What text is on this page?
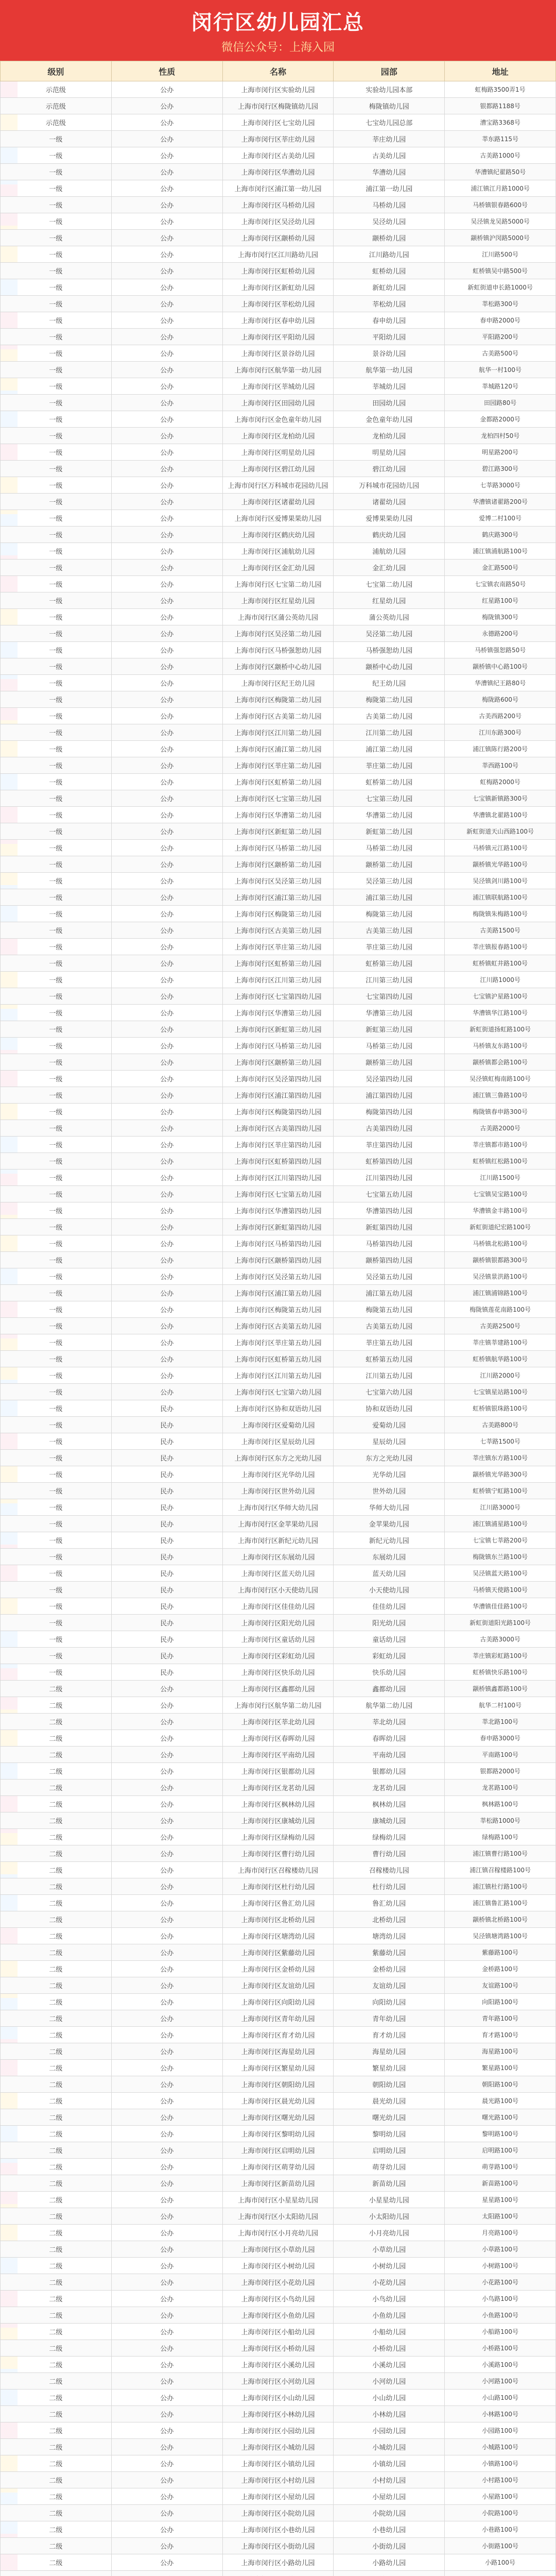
闵行区幼儿园汇总
微信公众号：上海入园
级别	性质	名称	园部	地址
示范级	公办	上海市闵行区实验幼儿园	实验幼儿园本部	虹梅路3500弄1号
示范级	公办	上海市闵行区梅陇镇幼儿园	梅陇镇幼儿园	银都路1188号
示范级	公办	上海市闵行区七宝幼儿园	七宝幼儿园总部	漕宝路3368号
一级	公办	上海市闵行区莘庄幼儿园	莘庄幼儿园	莘东路115号
一级	公办	上海市闵行区古美幼儿园	古美幼儿园	古美路1000号
一级	公办	上海市闵行区华漕幼儿园	华漕幼儿园	华漕镇纪翟路50号
一级	公办	上海市闵行区浦江第一幼儿园	浦江第一幼儿园	浦江镇江月路1000号
一级	公办	上海市闵行区马桥幼儿园	马桥幼儿园	马桥镇银春路600号
一级	公办	上海市闵行区吴泾幼儿园	吴泾幼儿园	吴泾镇龙吴路5000号
一级	公办	上海市闵行区颛桥幼儿园	颛桥幼儿园	颛桥镇沪闵路5000号
一级	公办	上海市闵行区江川路幼儿园	江川路幼儿园	江川路500号
一级	公办	上海市闵行区虹桥幼儿园	虹桥幼儿园	虹桥镇吴中路500号
一级	公办	上海市闵行区新虹幼儿园	新虹幼儿园	新虹街道申长路1000号
一级	公办	上海市闵行区莘松幼儿园	莘松幼儿园	莘松路300号
一级	公办	上海市闵行区春申幼儿园	春申幼儿园	春申路2000号
一级	公办	上海市闵行区平阳幼儿园	平阳幼儿园	平阳路200号
一级	公办	上海市闵行区景谷幼儿园	景谷幼儿园	古美路500号
一级	公办	上海市闵行区航华第一幼儿园	航华第一幼儿园	航华一村100号
一级	公办	上海市闵行区莘城幼儿园	莘城幼儿园	莘城路120号
一级	公办	上海市闵行区田园幼儿园	田园幼儿园	田园路80号
一级	公办	上海市闵行区金色童年幼儿园	金色童年幼儿园	金都路2000号
一级	公办	上海市闵行区龙柏幼儿园	龙柏幼儿园	龙柏四村50号
一级	公办	上海市闵行区明星幼儿园	明星幼儿园	明星路200号
一级	公办	上海市闵行区碧江幼儿园	碧江幼儿园	碧江路300号
一级	公办	上海市闵行区万科城市花园幼儿园	万科城市花园幼儿园	七莘路3000号
一级	公办	上海市闵行区诸翟幼儿园	诸翟幼儿园	华漕镇诸翟路200号
一级	公办	上海市闵行区爱博果果幼儿园	爱博果果幼儿园	爱博二村100号
一级	公办	上海市闵行区鹤庆幼儿园	鹤庆幼儿园	鹤庆路300号
一级	公办	上海市闵行区浦航幼儿园	浦航幼儿园	浦江镇浦航路100号
一级	公办	上海市闵行区金汇幼儿园	金汇幼儿园	金汇路500号
一级	公办	上海市闵行区七宝第二幼儿园	七宝第二幼儿园	七宝镇农南路50号
一级	公办	上海市闵行区红星幼儿园	红星幼儿园	红星路100号
一级	公办	上海市闵行区蒲公英幼儿园	蒲公英幼儿园	梅陇镇300号
一级	公办	上海市闵行区吴泾第二幼儿园	吴泾第二幼儿园	永德路200号
一级	公办	上海市闵行区马桥强恕幼儿园	马桥强恕幼儿园	马桥镇强恕路50号
一级	公办	上海市闵行区颛桥中心幼儿园	颛桥中心幼儿园	颛桥镇中心路100号
一级	公办	上海市闵行区纪王幼儿园	纪王幼儿园	华漕镇纪王路80号
一级	公办	上海市闵行区梅陇第二幼儿园	梅陇第二幼儿园	梅陇路600号
一级	公办	上海市闵行区古美第二幼儿园	古美第二幼儿园	古美西路200号
一级	公办	上海市闵行区江川第二幼儿园	江川第二幼儿园	江川东路300号
一级	公办	上海市闵行区浦江第二幼儿园	浦江第二幼儿园	浦江镇陈行路200号
一级	公办	上海市闵行区莘庄第二幼儿园	莘庄第二幼儿园	莘西路100号
一级	公办	上海市闵行区虹桥第二幼儿园	虹桥第二幼儿园	虹梅路2000号
一级	公办	上海市闵行区七宝第三幼儿园	七宝第三幼儿园	七宝镇新镇路300号
一级	公办	上海市闵行区华漕第二幼儿园	华漕第二幼儿园	华漕镇北翟路100号
一级	公办	上海市闵行区新虹第二幼儿园	新虹第二幼儿园	新虹街道天山西路100号
一级	公办	上海市闵行区马桥第二幼儿园	马桥第二幼儿园	马桥镇元江路100号
一级	公办	上海市闵行区颛桥第二幼儿园	颛桥第二幼儿园	颛桥镇光华路100号
一级	公办	上海市闵行区吴泾第三幼儿园	吴泾第三幼儿园	吴泾镇剑川路100号
一级	公办	上海市闵行区浦江第三幼儿园	浦江第三幼儿园	浦江镇联航路100号
一级	公办	上海市闵行区梅陇第三幼儿园	梅陇第三幼儿园	梅陇镇朱梅路100号
一级	公办	上海市闵行区古美第三幼儿园	古美第三幼儿园	古美路1500号
一级	公办	上海市闵行区莘庄第三幼儿园	莘庄第三幼儿园	莘庄镇报春路100号
一级	公办	上海市闵行区虹桥第三幼儿园	虹桥第三幼儿园	虹桥镇虹井路100号
一级	公办	上海市闵行区江川第三幼儿园	江川第三幼儿园	江川路1000号
一级	公办	上海市闵行区七宝第四幼儿园	七宝第四幼儿园	七宝镇沪星路100号
一级	公办	上海市闵行区华漕第三幼儿园	华漕第三幼儿园	华漕镇华江路100号
一级	公办	上海市闵行区新虹第三幼儿园	新虹第三幼儿园	新虹街道扬虹路100号
一级	公办	上海市闵行区马桥第三幼儿园	马桥第三幼儿园	马桥镇友东路100号
一级	公办	上海市闵行区颛桥第三幼儿园	颛桥第三幼儿园	颛桥镇都会路100号
一级	公办	上海市闵行区吴泾第四幼儿园	吴泾第四幼儿园	吴泾镇虹梅南路100号
一级	公办	上海市闵行区浦江第四幼儿园	浦江第四幼儿园	浦江镇三鲁路100号
一级	公办	上海市闵行区梅陇第四幼儿园	梅陇第四幼儿园	梅陇镇春申路300号
一级	公办	上海市闵行区古美第四幼儿园	古美第四幼儿园	古美路2000号
一级	公办	上海市闵行区莘庄第四幼儿园	莘庄第四幼儿园	莘庄镇都市路100号
一级	公办	上海市闵行区虹桥第四幼儿园	虹桥第四幼儿园	虹桥镇红松路100号
一级	公办	上海市闵行区江川第四幼儿园	江川第四幼儿园	江川路1500号
一级	公办	上海市闵行区七宝第五幼儿园	七宝第五幼儿园	七宝镇吴宝路100号
一级	公办	上海市闵行区华漕第四幼儿园	华漕第四幼儿园	华漕镇金丰路100号
一级	公办	上海市闵行区新虹第四幼儿园	新虹第四幼儿园	新虹街道纪宏路100号
一级	公办	上海市闵行区马桥第四幼儿园	马桥第四幼儿园	马桥镇北松路100号
一级	公办	上海市闵行区颛桥第四幼儿园	颛桥第四幼儿园	颛桥镇银都路300号
一级	公办	上海市闵行区吴泾第五幼儿园	吴泾第五幼儿园	吴泾镇景洪路100号
一级	公办	上海市闵行区浦江第五幼儿园	浦江第五幼儿园	浦江镇浦锦路100号
一级	公办	上海市闵行区梅陇第五幼儿园	梅陇第五幼儿园	梅陇镇莲花南路100号
一级	公办	上海市闵行区古美第五幼儿园	古美第五幼儿园	古美路2500号
一级	公办	上海市闵行区莘庄第五幼儿园	莘庄第五幼儿园	莘庄镇莘建路100号
一级	公办	上海市闵行区虹桥第五幼儿园	虹桥第五幼儿园	虹桥镇航华路100号
一级	公办	上海市闵行区江川第五幼儿园	江川第五幼儿园	江川路2000号
一级	公办	上海市闵行区七宝第六幼儿园	七宝第六幼儿园	七宝镇星站路100号
一级	民办	上海市闵行区协和双语幼儿园	协和双语幼儿园	虹桥镇银珠路100号
一级	民办	上海市闵行区爱菊幼儿园	爱菊幼儿园	古美路800号
一级	民办	上海市闵行区星辰幼儿园	星辰幼儿园	七莘路1500号
一级	民办	上海市闵行区东方之光幼儿园	东方之光幼儿园	莘庄镇东方路100号
一级	民办	上海市闵行区光华幼儿园	光华幼儿园	颛桥镇光华路300号
一级	民办	上海市闵行区世外幼儿园	世外幼儿园	虹桥镇宁虹路100号
一级	民办	上海市闵行区华师大幼儿园	华师大幼儿园	江川路3000号
一级	民办	上海市闵行区金苹果幼儿园	金苹果幼儿园	浦江镇浦星路100号
一级	民办	上海市闵行区新纪元幼儿园	新纪元幼儿园	七宝镇七莘路200号
一级	民办	上海市闵行区东展幼儿园	东展幼儿园	梅陇镇东兰路100号
一级	民办	上海市闵行区蓝天幼儿园	蓝天幼儿园	吴泾镇蓝天路100号
一级	民办	上海市闵行区小天使幼儿园	小天使幼儿园	马桥镇天使路100号
一级	民办	上海市闵行区佳佳幼儿园	佳佳幼儿园	华漕镇佳佳路100号
一级	民办	上海市闵行区阳光幼儿园	阳光幼儿园	新虹街道阳光路100号
一级	民办	上海市闵行区童话幼儿园	童话幼儿园	古美路3000号
一级	民办	上海市闵行区彩虹幼儿园	彩虹幼儿园	莘庄镇彩虹路100号
一级	民办	上海市闵行区快乐幼儿园	快乐幼儿园	虹桥镇快乐路100号
二级	公办	上海市闵行区鑫都幼儿园	鑫都幼儿园	颛桥镇鑫都路100号
二级	公办	上海市闵行区航华第二幼儿园	航华第二幼儿园	航华二村100号
二级	公办	上海市闵行区莘北幼儿园	莘北幼儿园	莘北路100号
二级	公办	上海市闵行区春晖幼儿园	春晖幼儿园	春申路3000号
二级	公办	上海市闵行区平南幼儿园	平南幼儿园	平南路100号
二级	公办	上海市闵行区银都幼儿园	银都幼儿园	银都路2000号
二级	公办	上海市闵行区龙茗幼儿园	龙茗幼儿园	龙茗路100号
二级	公办	上海市闵行区枫林幼儿园	枫林幼儿园	枫林路100号
二级	公办	上海市闵行区康城幼儿园	康城幼儿园	莘松路1000号
二级	公办	上海市闵行区绿梅幼儿园	绿梅幼儿园	绿梅路100号
二级	公办	上海市闵行区曹行幼儿园	曹行幼儿园	浦江镇曹行路100号
二级	公办	上海市闵行区召稼楼幼儿园	召稼楼幼儿园	浦江镇召稼楼路100号
二级	公办	上海市闵行区杜行幼儿园	杜行幼儿园	浦江镇杜行路100号
二级	公办	上海市闵行区鲁汇幼儿园	鲁汇幼儿园	浦江镇鲁汇路100号
二级	公办	上海市闵行区北桥幼儿园	北桥幼儿园	颛桥镇北桥路100号
二级	公办	上海市闵行区塘湾幼儿园	塘湾幼儿园	吴泾镇塘湾路100号
二级	公办	上海市闵行区紫藤幼儿园	紫藤幼儿园	紫藤路100号
二级	公办	上海市闵行区金桥幼儿园	金桥幼儿园	金桥路100号
二级	公办	上海市闵行区友谊幼儿园	友谊幼儿园	友谊路100号
二级	公办	上海市闵行区向阳幼儿园	向阳幼儿园	向阳路100号
二级	公办	上海市闵行区青年幼儿园	青年幼儿园	青年路100号
二级	公办	上海市闵行区育才幼儿园	育才幼儿园	育才路100号
二级	公办	上海市闵行区海星幼儿园	海星幼儿园	海星路100号
二级	公办	上海市闵行区繁星幼儿园	繁星幼儿园	繁星路100号
二级	公办	上海市闵行区朝阳幼儿园	朝阳幼儿园	朝阳路100号
二级	公办	上海市闵行区晨光幼儿园	晨光幼儿园	晨光路100号
二级	公办	上海市闵行区曙光幼儿园	曙光幼儿园	曙光路100号
二级	公办	上海市闵行区黎明幼儿园	黎明幼儿园	黎明路100号
二级	公办	上海市闵行区启明幼儿园	启明幼儿园	启明路100号
二级	公办	上海市闵行区萌芽幼儿园	萌芽幼儿园	萌芽路100号
二级	公办	上海市闵行区新苗幼儿园	新苗幼儿园	新苗路100号
二级	公办	上海市闵行区小星星幼儿园	小星星幼儿园	星星路100号
二级	公办	上海市闵行区小太阳幼儿园	小太阳幼儿园	太阳路100号
二级	公办	上海市闵行区小月亮幼儿园	小月亮幼儿园	月亮路100号
二级	公办	上海市闵行区小草幼儿园	小草幼儿园	小草路100号
二级	公办	上海市闵行区小树幼儿园	小树幼儿园	小树路100号
二级	公办	上海市闵行区小花幼儿园	小花幼儿园	小花路100号
二级	公办	上海市闵行区小鸟幼儿园	小鸟幼儿园	小鸟路100号
二级	公办	上海市闵行区小鱼幼儿园	小鱼幼儿园	小鱼路100号
二级	公办	上海市闵行区小船幼儿园	小船幼儿园	小船路100号
二级	公办	上海市闵行区小桥幼儿园	小桥幼儿园	小桥路100号
二级	公办	上海市闵行区小溪幼儿园	小溪幼儿园	小溪路100号
二级	公办	上海市闵行区小河幼儿园	小河幼儿园	小河路100号
二级	公办	上海市闵行区小山幼儿园	小山幼儿园	小山路100号
二级	公办	上海市闵行区小林幼儿园	小林幼儿园	小林路100号
二级	公办	上海市闵行区小园幼儿园	小园幼儿园	小园路100号
二级	公办	上海市闵行区小城幼儿园	小城幼儿园	小城路100号
二级	公办	上海市闵行区小镇幼儿园	小镇幼儿园	小镇路100号
二级	公办	上海市闵行区小村幼儿园	小村幼儿园	小村路100号
二级	公办	上海市闵行区小屋幼儿园	小屋幼儿园	小屋路100号
二级	公办	上海市闵行区小院幼儿园	小院幼儿园	小院路100号
二级	公办	上海市闵行区小巷幼儿园	小巷幼儿园	小巷路100号
二级	公办	上海市闵行区小街幼儿园	小街幼儿园	小街路100号
二级	公办	上海市闵行区小路幼儿园	小路幼儿园	小路100号
